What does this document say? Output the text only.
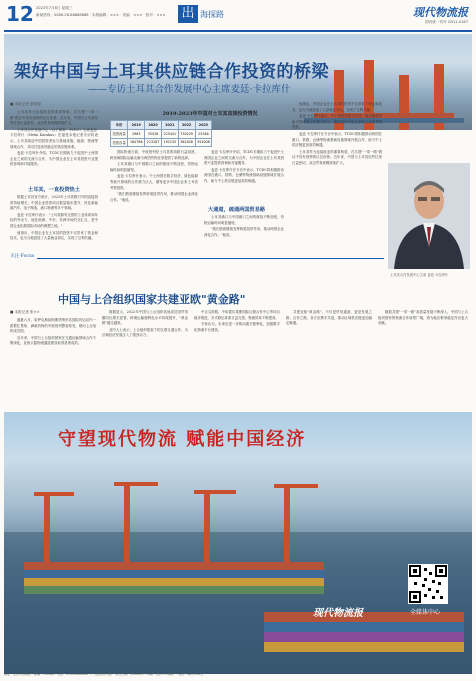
12 2023年7月6日 星期三
新闻热线：0086-28-88888888 · 本版编辑：××× · 美编：××× · 校对：××× 出 海探路	现代物流报
国内统一刊号 CN11-0167
架好中国与土耳其供应链合作投资的桥梁
——专访土耳其合作发展中心主席麦廷·卡拉库什
■ 本报记者 常佳瑞

土耳其作为连接欧亚的重要桥梁，在共建"一带一路"倡议中具有独特的区位优势。近年来，中国与土耳其经贸往来日益密切，双边贸易规模持续扩大。

土耳其合作发展中心（以下简称：TCDC）主席麦廷·卡拉库什（Metin Karakus）在接受本报记者专访时表示，土耳其欢迎中国投资者参与基础设施、能源、物流等领域合作，共同打造高效稳定的供应链体系。

麦廷·卡拉库什介绍，TCDC长期致力于促进中土两国企业之间的交流与合作，为中国企业在土耳其投资兴业提供咨询和对接服务。

土耳其，一直投资热土

根据土耳其官方统计，2023年土耳其吸引外国直接投资持续增长，中国企业投资项目数量稳步提升，涉及新能源汽车、电子制造、港口物流等多个领域。

麦廷·卡拉库什表示："土耳其拥有完善的工业体系和年轻的劳动力，地处欧洲、中东、非洲市场的交汇点，是中国企业拓展国际市场的理想之地。"

他指出，中国企业在土耳其的投资不仅带来了资金和技术，也为当地创造了大量就业岗位，实现了互利共赢。

2019-2023年中国对土耳其直接投资情况
年份	2019	2020	2021	2022	2023
投资流量	2963	35526	225441	730229	25346
投资存量	184786	213187	192135	361826	391006

国际物流方面，中欧班列经土耳其的线路日益成熟，跨里海国际运输走廊为两国货物往来提供了新的选择。

土耳其港口与中国港口之间的航线不断加密，货物运输时间明显缩短。

麦廷·卡拉库什表示，中土两国在数字经济、绿色能源等新兴领域的合作潜力巨大，期待更多中国企业来土耳其考察投资。

"我们愿意继续发挥桥梁纽带作用，推动两国企业深化合作。"他说。

麦廷·卡拉库什介绍，TCDC长期致力于促进中土两国企业之间的交流与合作，为中国企业在土耳其投资兴业提供咨询和对接服务。

麦廷·卡拉库什在专访中表示，TCDC将积极推动两国在港口、铁路、仓储等物流基础设施领域开展合作，助力中土供应链更加高效畅通。

大通道，疏通两国贸易路

土耳其港口与中国港口之间的航线不断加密，货物运输时间明显缩短。

"我们愿意继续发挥桥梁纽带作用，推动两国企业深化合作。"他说。

他指出，中国企业在土耳其的投资不仅带来了资金和技术，也为当地创造了大量就业岗位，实现了互利共赢。

麦廷·卡拉库什表示，中土两国在数字经济、绿色能源等新兴领域的合作潜力巨大，期待更多中国企业来土耳其考察投资。

麦廷·卡拉库什在专访中表示，TCDC将积极推动两国在港口、铁路、仓储等物流基础设施领域开展合作，助力中土供应链更加高效畅通。

土耳其作为连接欧亚的重要桥梁，在共建"一带一路"倡议中具有独特的区位优势。近年来，中国与土耳其经贸往来日益密切，双边贸易规模持续扩大。

土耳其合作发展中心主席 麦廷·卡拉库什
关注·Focus
中国与上合组织国家共建亚欧"黄金路"
■ 本报记者 张××

盛夏六月，哈萨克斯坦阿斯塔纳东站国际货运站内一派繁忙景象，满载货物的中欧班列整装待发，驶向上合组织成员国。

近年来，中国与上合组织国家在交通运输领域合作不断深化，亚欧大陆物流通道建设取得显著成效。

数据显示，2022年中国与上合组织其他成员国贸易额同比增长显著，跨境运输便利化水平持续提升，"黄金路"越走越宽。

业内人士表示，上合组织框架下的互联互通合作，为区域经济发展注入了强劲动力。

中吉乌铁路、中哈霍尔果斯国际边境合作中心等项目稳步推进，多式联运体系日益完善，物流效率不断提高。

专家认为，未来应进一步推动通关便利化，加强数字化物流平台建设。

共建亚欧"黄金路"，不仅是贸易通道，更是发展之路、合作之路。各方应携手共进，推动区域供应链更加稳定畅通。

随着共建"一带一路"高质量发展不断深入，中国与上合组织国家的物流合作前景广阔，将为地区繁荣稳定作出更大贡献。

守望现代物流 赋能中国经济
现代物流报	全媒体中心
地址：北京市西城区 · 邮编：100000 · 电话：010-00000000 · 广告经营许可证：京西工商广字0000号 · 印刷：北京××印刷厂 · 定价：每份2.00元
